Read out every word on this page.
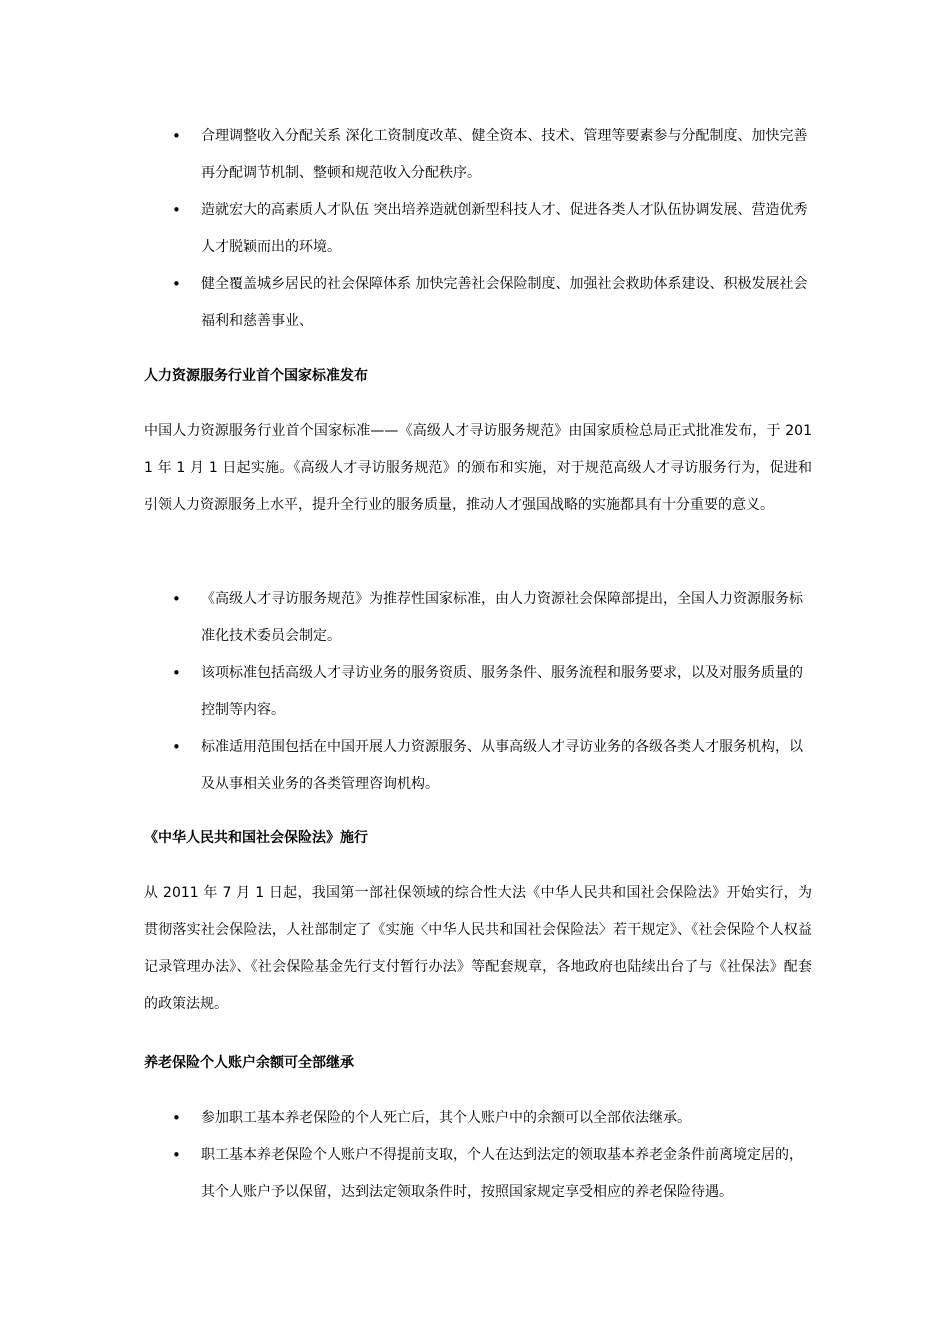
• 合理调整收入分配关系 深化工资制度改革、健全资本、技术、管理等要素参与分配制度、加快完善再分配调节机制、整顿和规范收入分配秩序。
• 造就宏大的高素质人才队伍 突出培养造就创新型科技人才、促进各类人才队伍协调发展、营造优秀人才脱颖而出的环境。
• 健全覆盖城乡居民的社会保障体系 加快完善社会保险制度、加强社会救助体系建设、积极发展社会福利和慈善事业、
人力资源服务行业首个国家标准发布
中国人力资源服务行业首个国家标准——《高级人才寻访服务规范》由国家质检总局正式批准发布，于 2011 年 1 月 1 日起实施。《高级人才寻访服务规范》的颁布和实施，对于规范高级人才寻访服务行为，促进和引领人力资源服务上水平，提升全行业的服务质量，推动人才强国战略的实施都具有十分重要的意义。
• 《高级人才寻访服务规范》为推荐性国家标准，由人力资源社会保障部提出，全国人力资源服务标准化技术委员会制定。
• 该项标准包括高级人才寻访业务的服务资质、服务条件、服务流程和服务要求，以及对服务质量的控制等内容。
• 标准适用范围包括在中国开展人力资源服务、从事高级人才寻访业务的各级各类人才服务机构，以及从事相关业务的各类管理咨询机构。
《中华人民共和国社会保险法》施行
从 2011 年 7 月 1 日起，我国第一部社保领域的综合性大法《中华人民共和国社会保险法》开始实行，为贯彻落实社会保险法，人社部制定了《实施〈中华人民共和国社会保险法〉若干规定》、《社会保险个人权益记录管理办法》、《社会保险基金先行支付暂行办法》等配套规章，各地政府也陆续出台了与《社保法》配套的政策法规。
养老保险个人账户余额可全部继承
• 参加职工基本养老保险的个人死亡后，其个人账户中的余额可以全部依法继承。
• 职工基本养老保险个人账户不得提前支取，个人在达到法定的领取基本养老金条件前离境定居的，其个人账户予以保留，达到法定领取条件时，按照国家规定享受相应的养老保险待遇。
